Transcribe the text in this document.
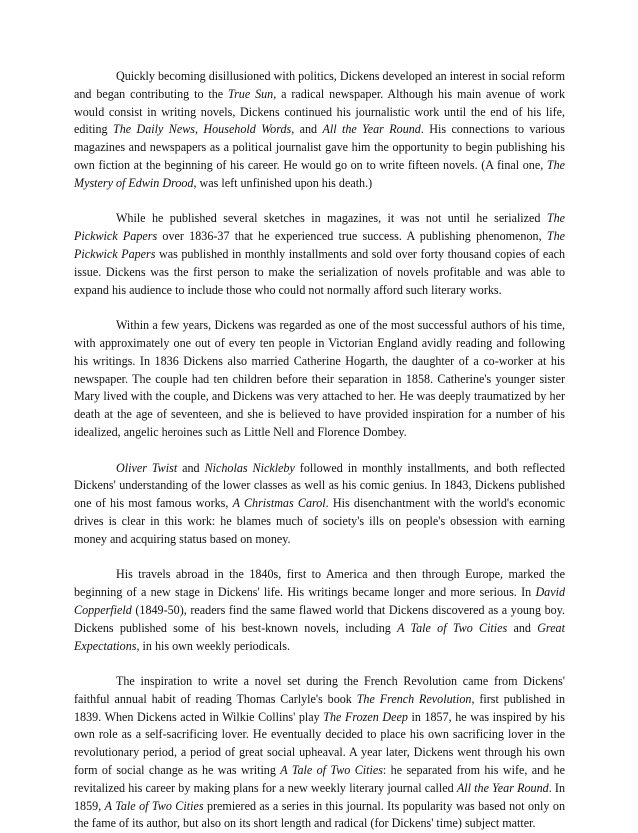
Quickly becoming disillusioned with politics, Dickens developed an interest in social reform and began contributing to the True Sun, a radical newspaper. Although his main avenue of work would consist in writing novels, Dickens continued his journalistic work until the end of his life, editing The Daily News, Household Words, and All the Year Round. His connections to various magazines and newspapers as a political journalist gave him the opportunity to begin publishing his own fiction at the beginning of his career. He would go on to write fifteen novels. (A final one, The Mystery of Edwin Drood, was left unfinished upon his death.)

While he published several sketches in magazines, it was not until he serialized The Pickwick Papers over 1836-37 that he experienced true success. A publishing phenomenon, The Pickwick Papers was published in monthly installments and sold over forty thousand copies of each issue. Dickens was the first person to make the serialization of novels profitable and was able to expand his audience to include those who could not normally afford such literary works.

Within a few years, Dickens was regarded as one of the most successful authors of his time, with approximately one out of every ten people in Victorian England avidly reading and following his writings. In 1836 Dickens also married Catherine Hogarth, the daughter of a co-worker at his newspaper. The couple had ten children before their separation in 1858. Catherine's younger sister Mary lived with the couple, and Dickens was very attached to her. He was deeply traumatized by her death at the age of seventeen, and she is believed to have provided inspiration for a number of his idealized, angelic heroines such as Little Nell and Florence Dombey.

Oliver Twist and Nicholas Nickleby followed in monthly installments, and both reflected Dickens' understanding of the lower classes as well as his comic genius. In 1843, Dickens published one of his most famous works, A Christmas Carol. His disenchantment with the world's economic drives is clear in this work: he blames much of society's ills on people's obsession with earning money and acquiring status based on money.

His travels abroad in the 1840s, first to America and then through Europe, marked the beginning of a new stage in Dickens' life. His writings became longer and more serious. In David Copperfield (1849-50), readers find the same flawed world that Dickens discovered as a young boy. Dickens published some of his best-known novels, including A Tale of Two Cities and Great Expectations, in his own weekly periodicals.

The inspiration to write a novel set during the French Revolution came from Dickens' faithful annual habit of reading Thomas Carlyle's book The French Revolution, first published in 1839. When Dickens acted in Wilkie Collins' play The Frozen Deep in 1857, he was inspired by his own role as a self-sacrificing lover. He eventually decided to place his own sacrificing lover in the revolutionary period, a period of great social upheaval. A year later, Dickens went through his own form of social change as he was writing A Tale of Two Cities: he separated from his wife, and he revitalized his career by making plans for a new weekly literary journal called All the Year Round. In 1859, A Tale of Two Cities premiered as a series in this journal. Its popularity was based not only on the fame of its author, but also on its short length and radical (for Dickens' time) subject matter.
